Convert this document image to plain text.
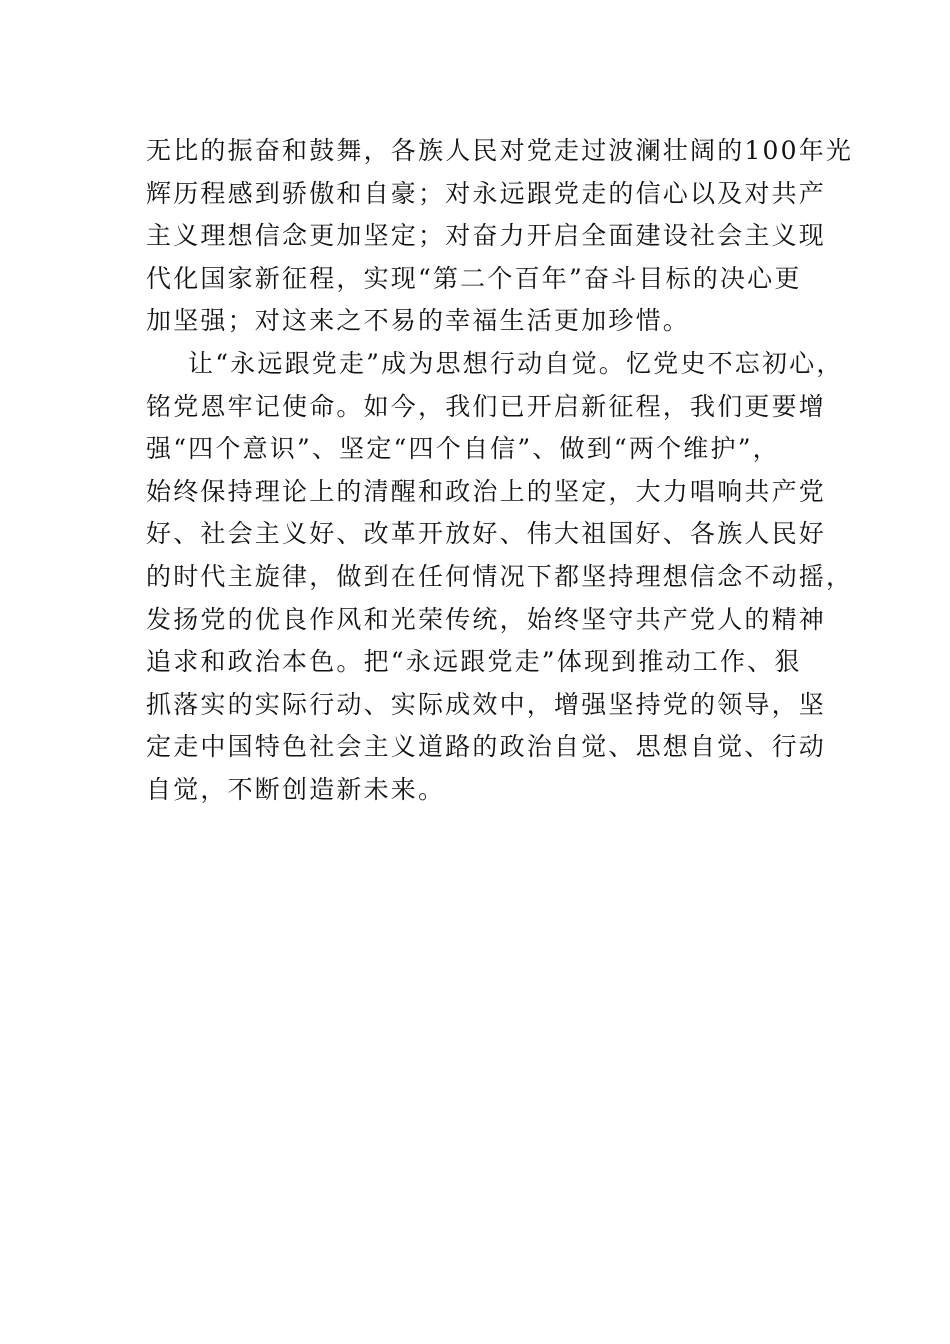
无比的振奋和鼓舞，各族人民对党走过波澜壮阔的100年光
辉历程感到骄傲和自豪；对永远跟党走的信心以及对共产
主义理想信念更加坚定；对奋力开启全面建设社会主义现
代化国家新征程，实现“第二个百年”奋斗目标的决心更
加坚强；对这来之不易的幸福生活更加珍惜。
让“永远跟党走”成为思想行动自觉。忆党史不忘初心，
铭党恩牢记使命。如今，我们已开启新征程，我们更要增
强“四个意识”、坚定“四个自信”、做到“两个维护”，
始终保持理论上的清醒和政治上的坚定，大力唱响共产党
好、社会主义好、改革开放好、伟大祖国好、各族人民好
的时代主旋律，做到在任何情况下都坚持理想信念不动摇，
发扬党的优良作风和光荣传统，始终坚守共产党人的精神
追求和政治本色。把“永远跟党走”体现到推动工作、狠
抓落实的实际行动、实际成效中，增强坚持党的领导，坚
定走中国特色社会主义道路的政治自觉、思想自觉、行动
自觉，不断创造新未来。
